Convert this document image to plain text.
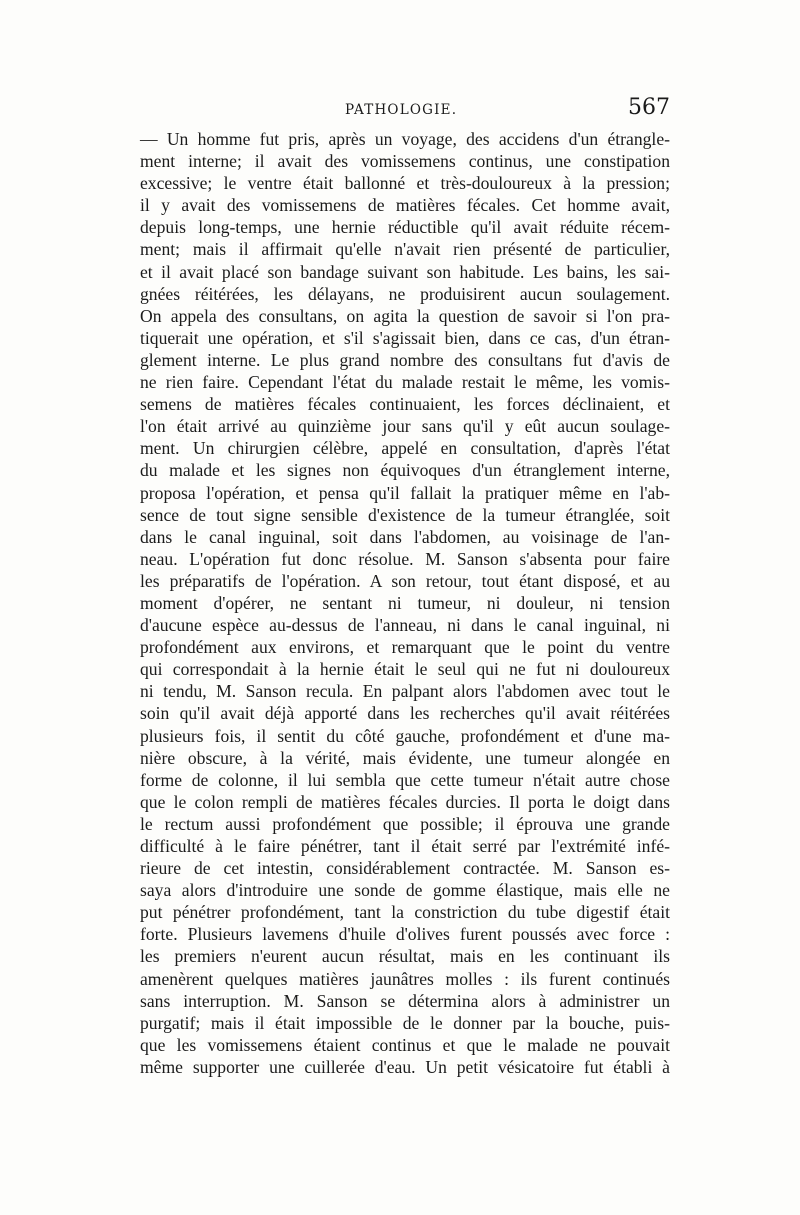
PATHOLOGIE.	567
— Un homme fut pris, après un voyage, des accidens d'un étrangle-
ment interne; il avait des vomissemens continus, une constipation
excessive; le ventre était ballonné et très-douloureux à la pression;
il y avait des vomissemens de matières fécales. Cet homme avait,
depuis long-temps, une hernie réductible qu'il avait réduite récem-
ment; mais il affirmait qu'elle n'avait rien présenté de particulier,
et il avait placé son bandage suivant son habitude. Les bains, les sai-
gnées réitérées, les délayans, ne produisirent aucun soulagement.
On appela des consultans, on agita la question de savoir si l'on pra-
tiquerait une opération, et s'il s'agissait bien, dans ce cas, d'un étran-
glement interne. Le plus grand nombre des consultans fut d'avis de
ne rien faire. Cependant l'état du malade restait le même, les vomis-
semens de matières fécales continuaient, les forces déclinaient, et
l'on était arrivé au quinzième jour sans qu'il y eût aucun soulage-
ment. Un chirurgien célèbre, appelé en consultation, d'après l'état
du malade et les signes non équivoques d'un étranglement interne,
proposa l'opération, et pensa qu'il fallait la pratiquer même en l'ab-
sence de tout signe sensible d'existence de la tumeur étranglée, soit
dans le canal inguinal, soit dans l'abdomen, au voisinage de l'an-
neau. L'opération fut donc résolue. M. Sanson s'absenta pour faire
les préparatifs de l'opération. A son retour, tout étant disposé, et au
moment d'opérer, ne sentant ni tumeur, ni douleur, ni tension
d'aucune espèce au-dessus de l'anneau, ni dans le canal inguinal, ni
profondément aux environs, et remarquant que le point du ventre
qui correspondait à la hernie était le seul qui ne fut ni douloureux
ni tendu, M. Sanson recula. En palpant alors l'abdomen avec tout le
soin qu'il avait déjà apporté dans les recherches qu'il avait réitérées
plusieurs fois, il sentit du côté gauche, profondément et d'une ma-
nière obscure, à la vérité, mais évidente, une tumeur alongée en
forme de colonne, il lui sembla que cette tumeur n'était autre chose
que le colon rempli de matières fécales durcies. Il porta le doigt dans
le rectum aussi profondément que possible; il éprouva une grande
difficulté à le faire pénétrer, tant il était serré par l'extrémité infé-
rieure de cet intestin, considérablement contractée. M. Sanson es-
saya alors d'introduire une sonde de gomme élastique, mais elle ne
put pénétrer profondément, tant la constriction du tube digestif était
forte. Plusieurs lavemens d'huile d'olives furent poussés avec force :
les premiers n'eurent aucun résultat, mais en les continuant ils
amenèrent quelques matières jaunâtres molles : ils furent continués
sans interruption. M. Sanson se détermina alors à administrer un
purgatif; mais il était impossible de le donner par la bouche, puis-
que les vomissemens étaient continus et que le malade ne pouvait
même supporter une cuillerée d'eau. Un petit vésicatoire fut établi à
